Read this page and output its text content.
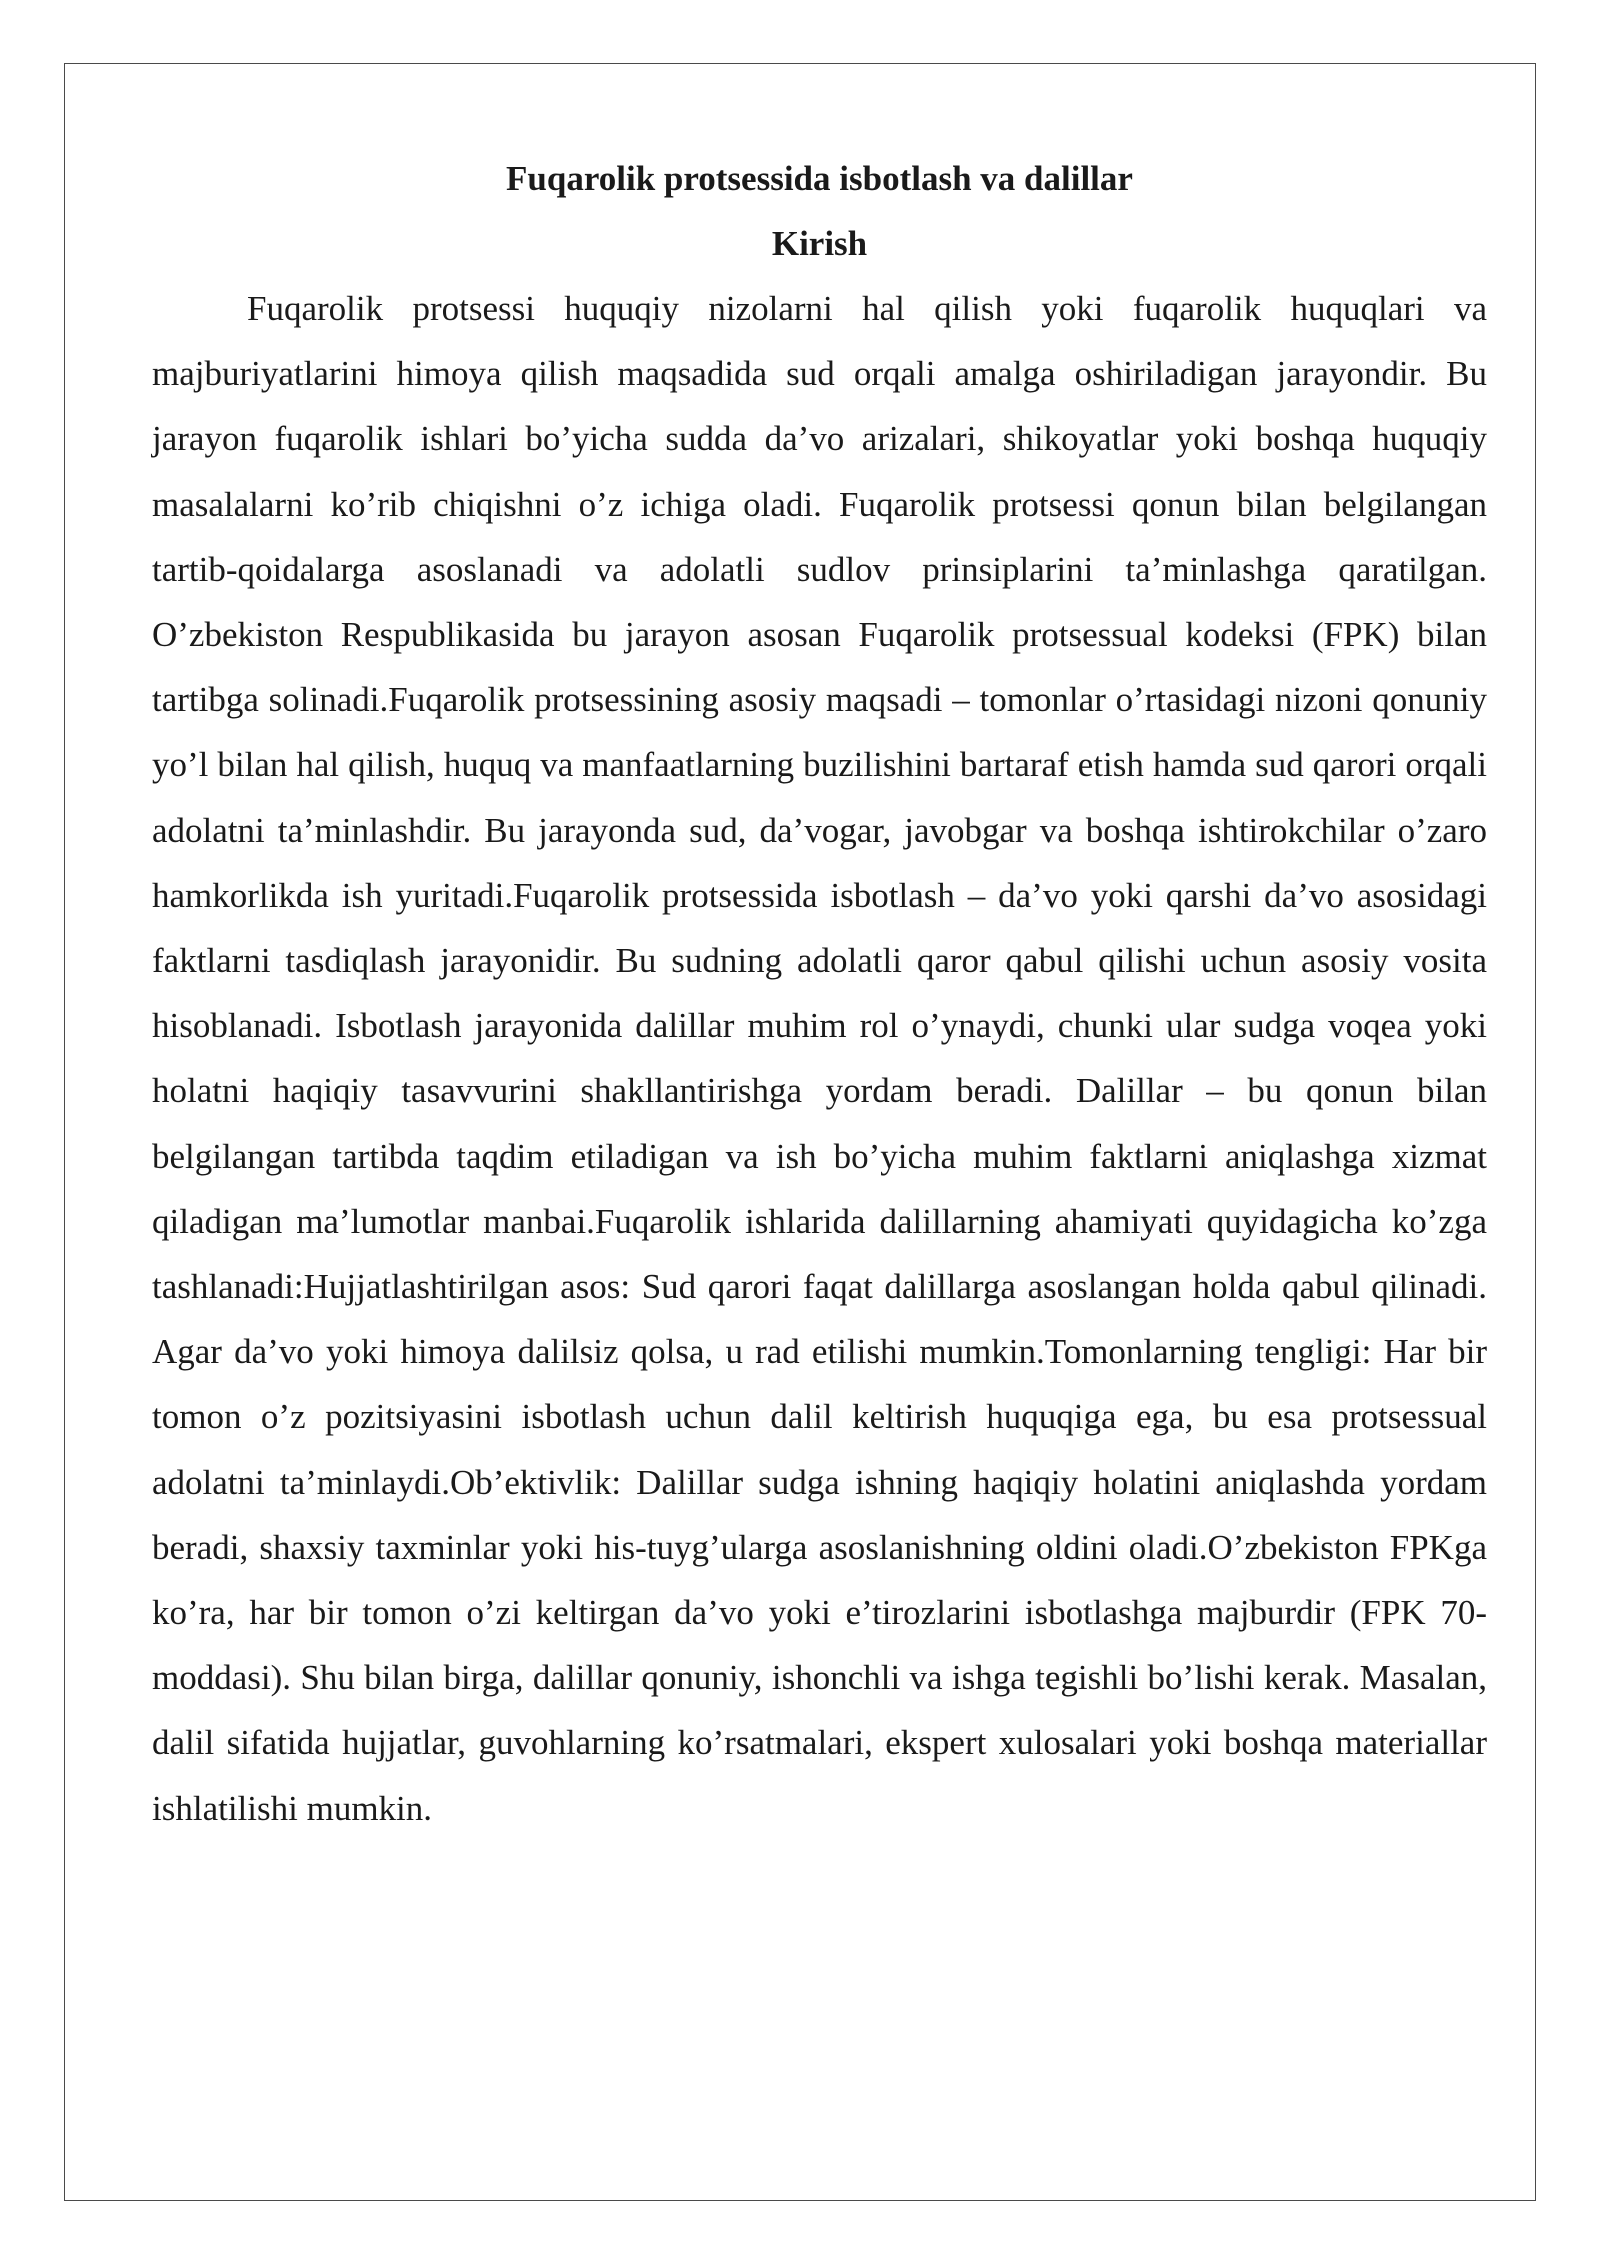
Fuqarolik protsessida isbotlash va dalillar
Kirish

Fuqarolik protsessi huquqiy nizolarni hal qilish yoki fuqarolik huquqlari va majburiyatlarini himoya qilish maqsadida sud orqali amalga oshiriladigan jarayondir. Bu jarayon fuqarolik ishlari bo’yicha sudda da’vo arizalari, shikoyatlar yoki boshqa huquqiy masalalarni ko’rib chiqishni o’z ichiga oladi. Fuqarolik protsessi qonun bilan belgilangan tartib-qoidalarga asoslanadi va adolatli sudlov prinsiplarini ta’minlashga qaratilgan. O’zbekiston Respublikasida bu jarayon asosan Fuqarolik protsessual kodeksi (FPK) bilan tartibga solinadi.Fuqarolik protsessining asosiy maqsadi – tomonlar o’rtasidagi nizoni qonuniy yo’l bilan hal qilish, huquq va manfaatlarning buzilishini bartaraf etish hamda sud qarori orqali adolatni ta’minlashdir. Bu jarayonda sud, da’vogar, javobgar va boshqa ishtirokchilar o’zaro hamkorlikda ish yuritadi.Fuqarolik protsessida isbotlash – da’vo yoki qarshi da’vo asosidagi faktlarni tasdiqlash jarayonidir. Bu sudning adolatli qaror qabul qilishi uchun asosiy vosita hisoblanadi. Isbotlash jarayonida dalillar muhim rol o’ynaydi, chunki ular sudga voqea yoki holatni haqiqiy tasavvurini shakllantirishga yordam beradi. Dalillar – bu qonun bilan belgilangan tartibda taqdim etiladigan va ish bo’yicha muhim faktlarni aniqlashga xizmat qiladigan ma’lumotlar manbai.Fuqarolik ishlarida dalillarning ahamiyati quyidagicha ko’zga tashlanadi:Hujjatlashtirilgan asos: Sud qarori faqat dalillarga asoslangan holda qabul qilinadi. Agar da’vo yoki himoya dalilsiz qolsa, u rad etilishi mumkin.Tomonlarning tengligi: Har bir tomon o’z pozitsiyasini isbotlash uchun dalil keltirish huquqiga ega, bu esa protsessual adolatni ta’minlaydi.Ob’ektivlik: Dalillar sudga ishning haqiqiy holatini aniqlashda yordam beradi, shaxsiy taxminlar yoki his-tuyg’ularga asoslanishning oldini oladi.O’zbekiston FPKga ko’ra, har bir tomon o’zi keltirgan da’vo yoki e’tirozlarini isbotlashga majburdir (FPK 70-moddasi). Shu bilan birga, dalillar qonuniy, ishonchli va ishga tegishli bo’lishi kerak. Masalan, dalil sifatida hujjatlar, guvohlarning ko’rsatmalari, ekspert xulosalari yoki boshqa materiallar ishlatilishi mumkin.
